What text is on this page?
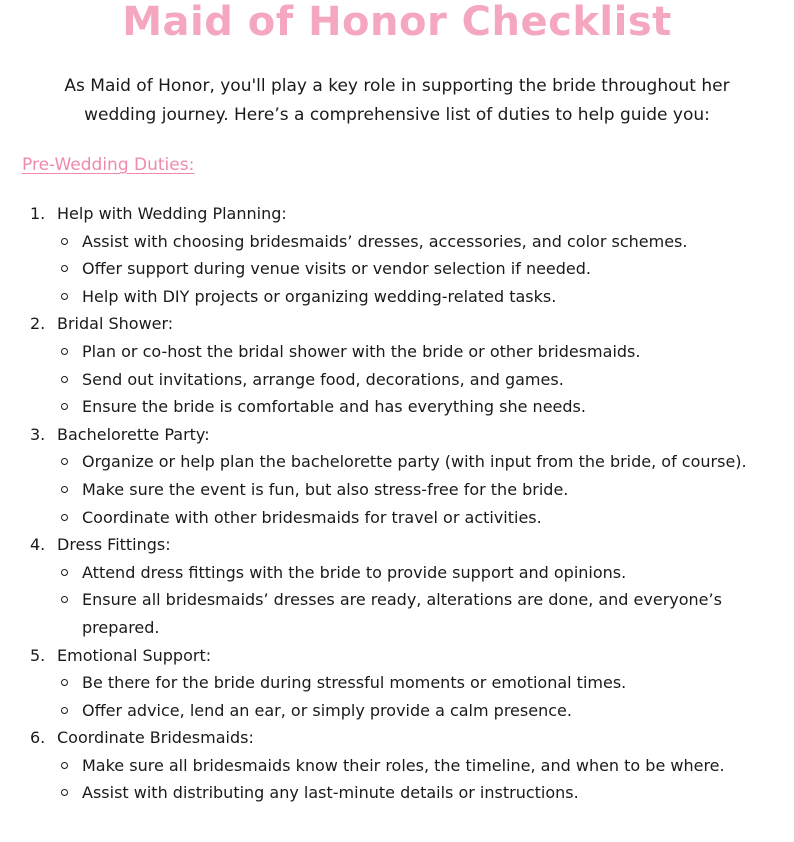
Maid of Honor Checklist
As Maid of Honor, you'll play a key role in supporting the bride throughout her wedding journey. Here’s a comprehensive list of duties to help guide you:
Pre-Wedding Duties:
1. Help with Wedding Planning:
Assist with choosing bridesmaids’ dresses, accessories, and color schemes.
Offer support during venue visits or vendor selection if needed.
Help with DIY projects or organizing wedding-related tasks.
2. Bridal Shower:
Plan or co-host the bridal shower with the bride or other bridesmaids.
Send out invitations, arrange food, decorations, and games.
Ensure the bride is comfortable and has everything she needs.
3. Bachelorette Party:
Organize or help plan the bachelorette party (with input from the bride, of course).
Make sure the event is fun, but also stress-free for the bride.
Coordinate with other bridesmaids for travel or activities.
4. Dress Fittings:
Attend dress fittings with the bride to provide support and opinions.
Ensure all bridesmaids’ dresses are ready, alterations are done, and everyone’s prepared.
5. Emotional Support:
Be there for the bride during stressful moments or emotional times.
Offer advice, lend an ear, or simply provide a calm presence.
6. Coordinate Bridesmaids:
Make sure all bridesmaids know their roles, the timeline, and when to be where.
Assist with distributing any last-minute details or instructions.
